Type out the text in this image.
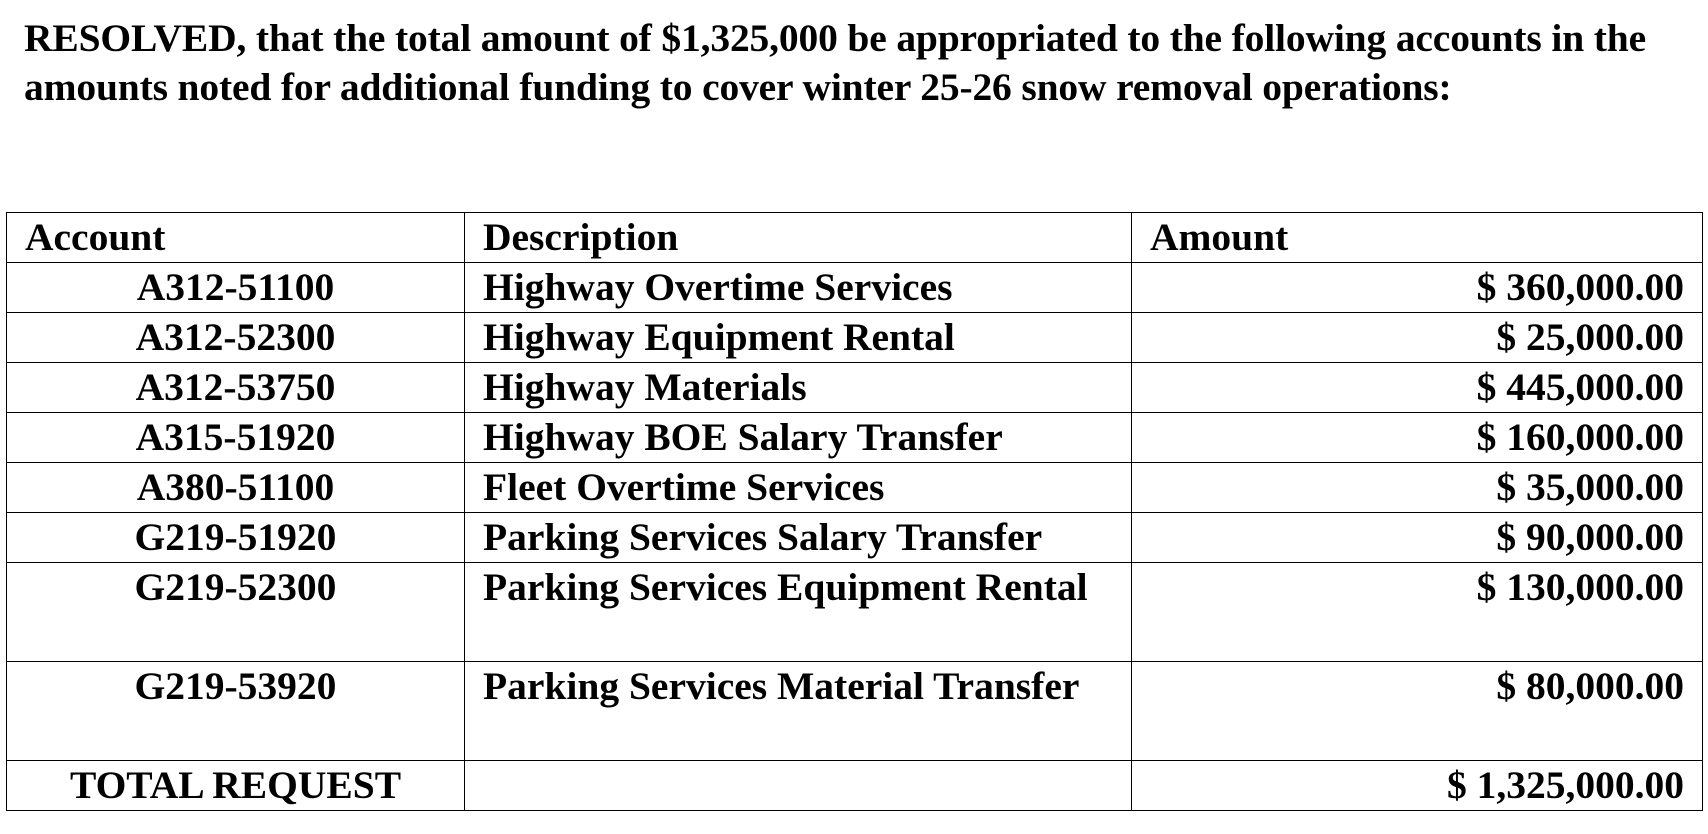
RESOLVED, that the total amount of $1,325,000 be appropriated to the following accounts in the amounts noted for additional funding to cover winter 25-26 snow removal operations:

Account	Description	Amount
A312-51100	Highway Overtime Services	$ 360,000.00
A312-52300	Highway Equipment Rental	$ 25,000.00
A312-53750	Highway Materials	$ 445,000.00
A315-51920	Highway BOE Salary Transfer	$ 160,000.00
A380-51100	Fleet Overtime Services	$ 35,000.00
G219-51920	Parking Services Salary Transfer	$ 90,000.00
G219-52300	Parking Services Equipment Rental	$ 130,000.00
G219-53920	Parking Services Material Transfer	$ 80,000.00
TOTAL REQUEST		$ 1,325,000.00
